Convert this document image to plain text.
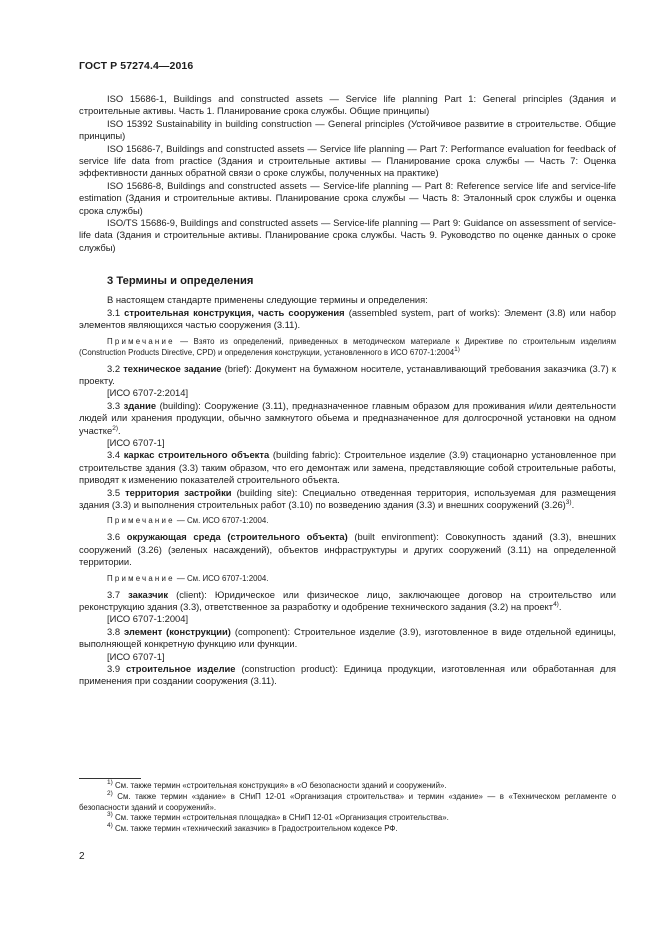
ГОСТ Р 57274.4—2016

ISO 15686-1, Buildings and constructed assets — Service life planning Part 1: General principles (Здания и строительные активы. Часть 1. Планирование срока службы. Общие принципы)

ISO 15392 Sustainability in building construction — General principles (Устойчивое развитие в строительстве. Общие принципы)

ISO 15686-7, Buildings and constructed assets — Service life planning — Part 7: Performance evaluation for feedback of service life data from practice (Здания и строительные активы — Планирование срока службы — Часть 7: Оценка эффективности данных обратной связи о сроке службы, полученных на практике)

ISO 15686-8, Buildings and constructed assets — Service-life planning — Part 8: Reference service life and service-life estimation (Здания и строительные активы. Планирование срока службы — Часть 8: Эталонный срок службы и оценка срока службы)

ISO/TS 15686-9, Buildings and constructed assets — Service-life planning — Part 9: Guidance on assessment of service-life data (Здания и строительные активы. Планирование срока службы. Часть 9. Руководство по оценке данных о сроке службы)

3 Термины и определения

В настоящем стандарте применены следующие термины и определения:

3.1 строительная конструкция, часть сооружения (assembled system, part of works): Элемент (3.8) или набор элементов являющихся частью сооружения (3.11).

Примечание — Взято из определений, приведенных в методическом материале к Директиве по строительным изделиям (Construction Products Directive, CPD) и определения конструкции, установленного в ИСО 6707-1:2004$^{1)}$

3.2 техническое задание (brief): Документ на бумажном носителе, устанавливающий требования заказчика (3.7) к проекту.

[ИСО 6707-2:2014]

3.3 здание (building): Сооружение (3.11), предназначенное главным образом для проживания и/или деятельности людей или хранения продукции, обычно замкнутого обьема и предназначенное для долгосрочной установки на одном участке$^{2)}$.

[ИСО 6707-1]

3.4 каркас строительного объекта (building fabric): Строительное изделие (3.9) стационарно установленное при строительстве здания (3.3) таким образом, что его демонтаж или замена, представляющие собой строительные работы, приводят к изменению показателей строительного объекта.

3.5 территория застройки (building site): Специально отведенная территория, используемая для размещения здания (3.3) и выполнения строительных работ (3.10) по возведению здания (3.3) и внешних сооружений $(3.26)^{3)}$.

Примечание — См. ИСО 6707-1:2004.

3.6 окружающая среда (строительного объекта) (built environment): Совокупность зданий (3.3), внешних сооружений (3.26) (зеленых насаждений), объектов инфраструктуры и других сооружений (3.11) на определенной территории.

Примечание — См. ИСО 6707-1:2004.

3.7 заказчик (client): Юридическое или физическое лицо, заключающее договор на строительство или реконструкцию здания (3.3), ответственное за разработку и одобрение технического задания (3.2) на проект$^{4)}$.

[ИСО 6707-1:2004]

3.8 элемент (конструкции) (component): Строительное изделие (3.9), изготовленное в виде отдельной единицы, выполняющей конкретную функцию или функции.

[ИСО 6707-1]

3.9 строительное изделие (construction product): Единица продукции, изготовленная или обработанная для применения при создании сооружения (3.11).

$^{1)}$ См. также термин «строительная конструкция» в «О безопасности зданий и сооружений».

$^{2)}$ См. также термин «здание» в СНиП 12-01 «Организация строительства» и термин «здание» — в «Техническом регламенте о безопасности зданий и сооружений».

$^{3)}$ См. также термин «строительная площадка» в СНиП 12-01 «Организация строительства».

$^{4)}$ См. также термин «технический заказчик» в Градостроительном кодексе РФ.

2
